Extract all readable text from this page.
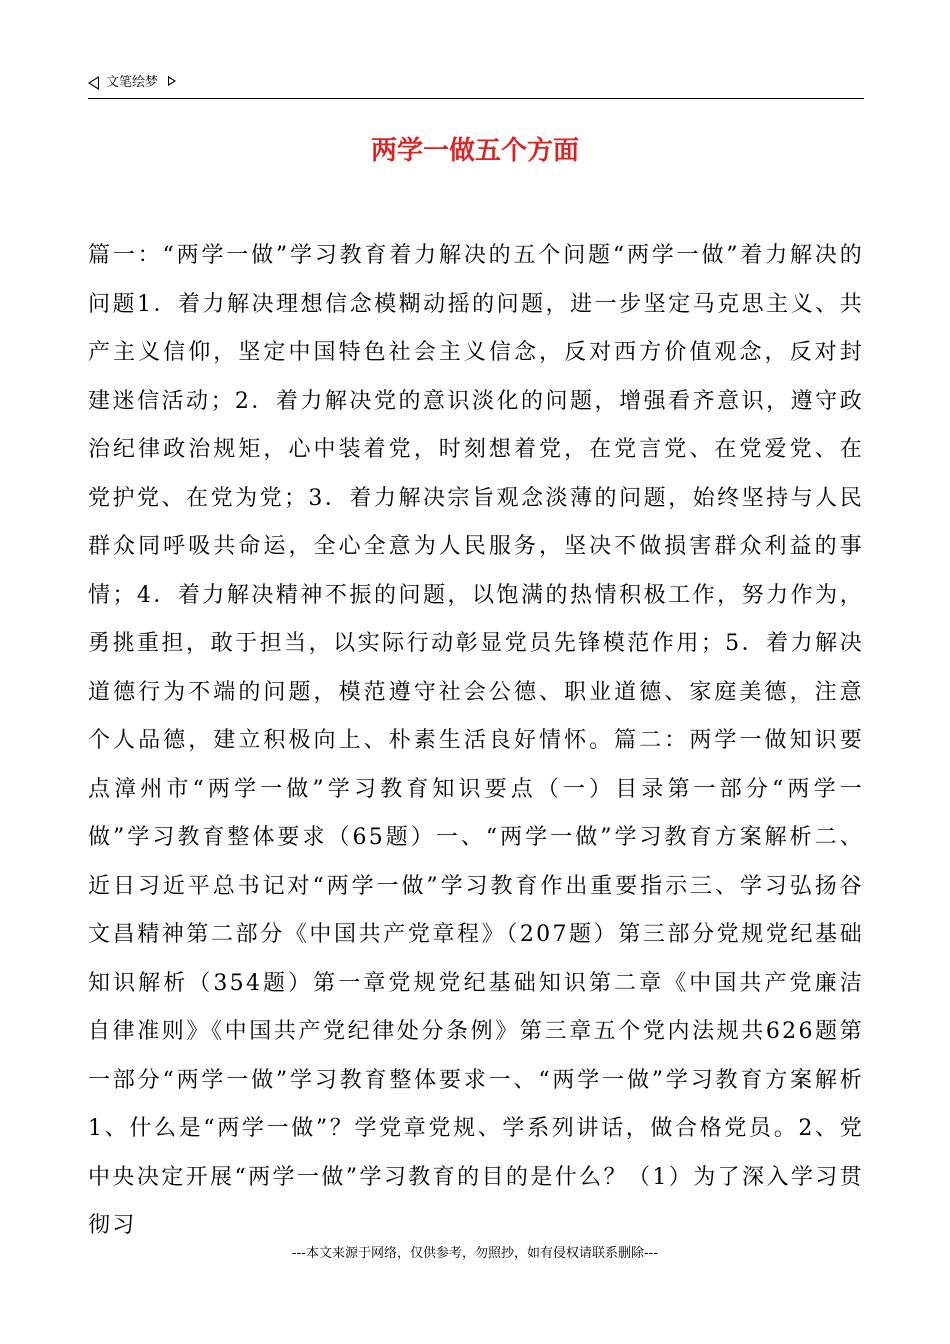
文笔绘梦
两学一做五个方面
篇一：“两学一做”学习教育着力解决的五个问题“两学一做”着力解决的问题1．着力解决理想信念模糊动摇的问题，进一步坚定马克思主义、共产主义信仰，坚定中国特色社会主义信念，反对西方价值观念，反对封建迷信活动；2．着力解决党的意识淡化的问题，增强看齐意识，遵守政治纪律政治规矩，心中装着党，时刻想着党，在党言党、在党爱党、在党护党、在党为党；3．着力解决宗旨观念淡薄的问题，始终坚持与人民群众同呼吸共命运，全心全意为人民服务，坚决不做损害群众利益的事情；4．着力解决精神不振的问题，以饱满的热情积极工作，努力作为，勇挑重担，敢于担当，以实际行动彰显党员先锋模范作用；5．着力解决道德行为不端的问题，模范遵守社会公德、职业道德、家庭美德，注意个人品德，建立积极向上、朴素生活良好情怀。篇二：两学一做知识要点漳州市“两学一做”学习教育知识要点（一）目录第一部分“两学一做”学习教育整体要求（65题）一、“两学一做”学习教育方案解析二、近日习近平总书记对“两学一做”学习教育作出重要指示三、学习弘扬谷文昌精神第二部分《中国共产党章程》（207题）第三部分党规党纪基础知识解析（354题）第一章党规党纪基础知识第二章《中国共产党廉洁自律准则》《中国共产党纪律处分条例》第三章五个党内法规共626题第一部分“两学一做”学习教育整体要求一、“两学一做”学习教育方案解析1、什么是“两学一做”？学党章党规、学系列讲话，做合格党员。2、党中央决定开展“两学一做”学习教育的目的是什么？（1）为了深入学习贯彻习
---本文来源于网络，仅供参考，勿照抄，如有侵权请联系删除---
